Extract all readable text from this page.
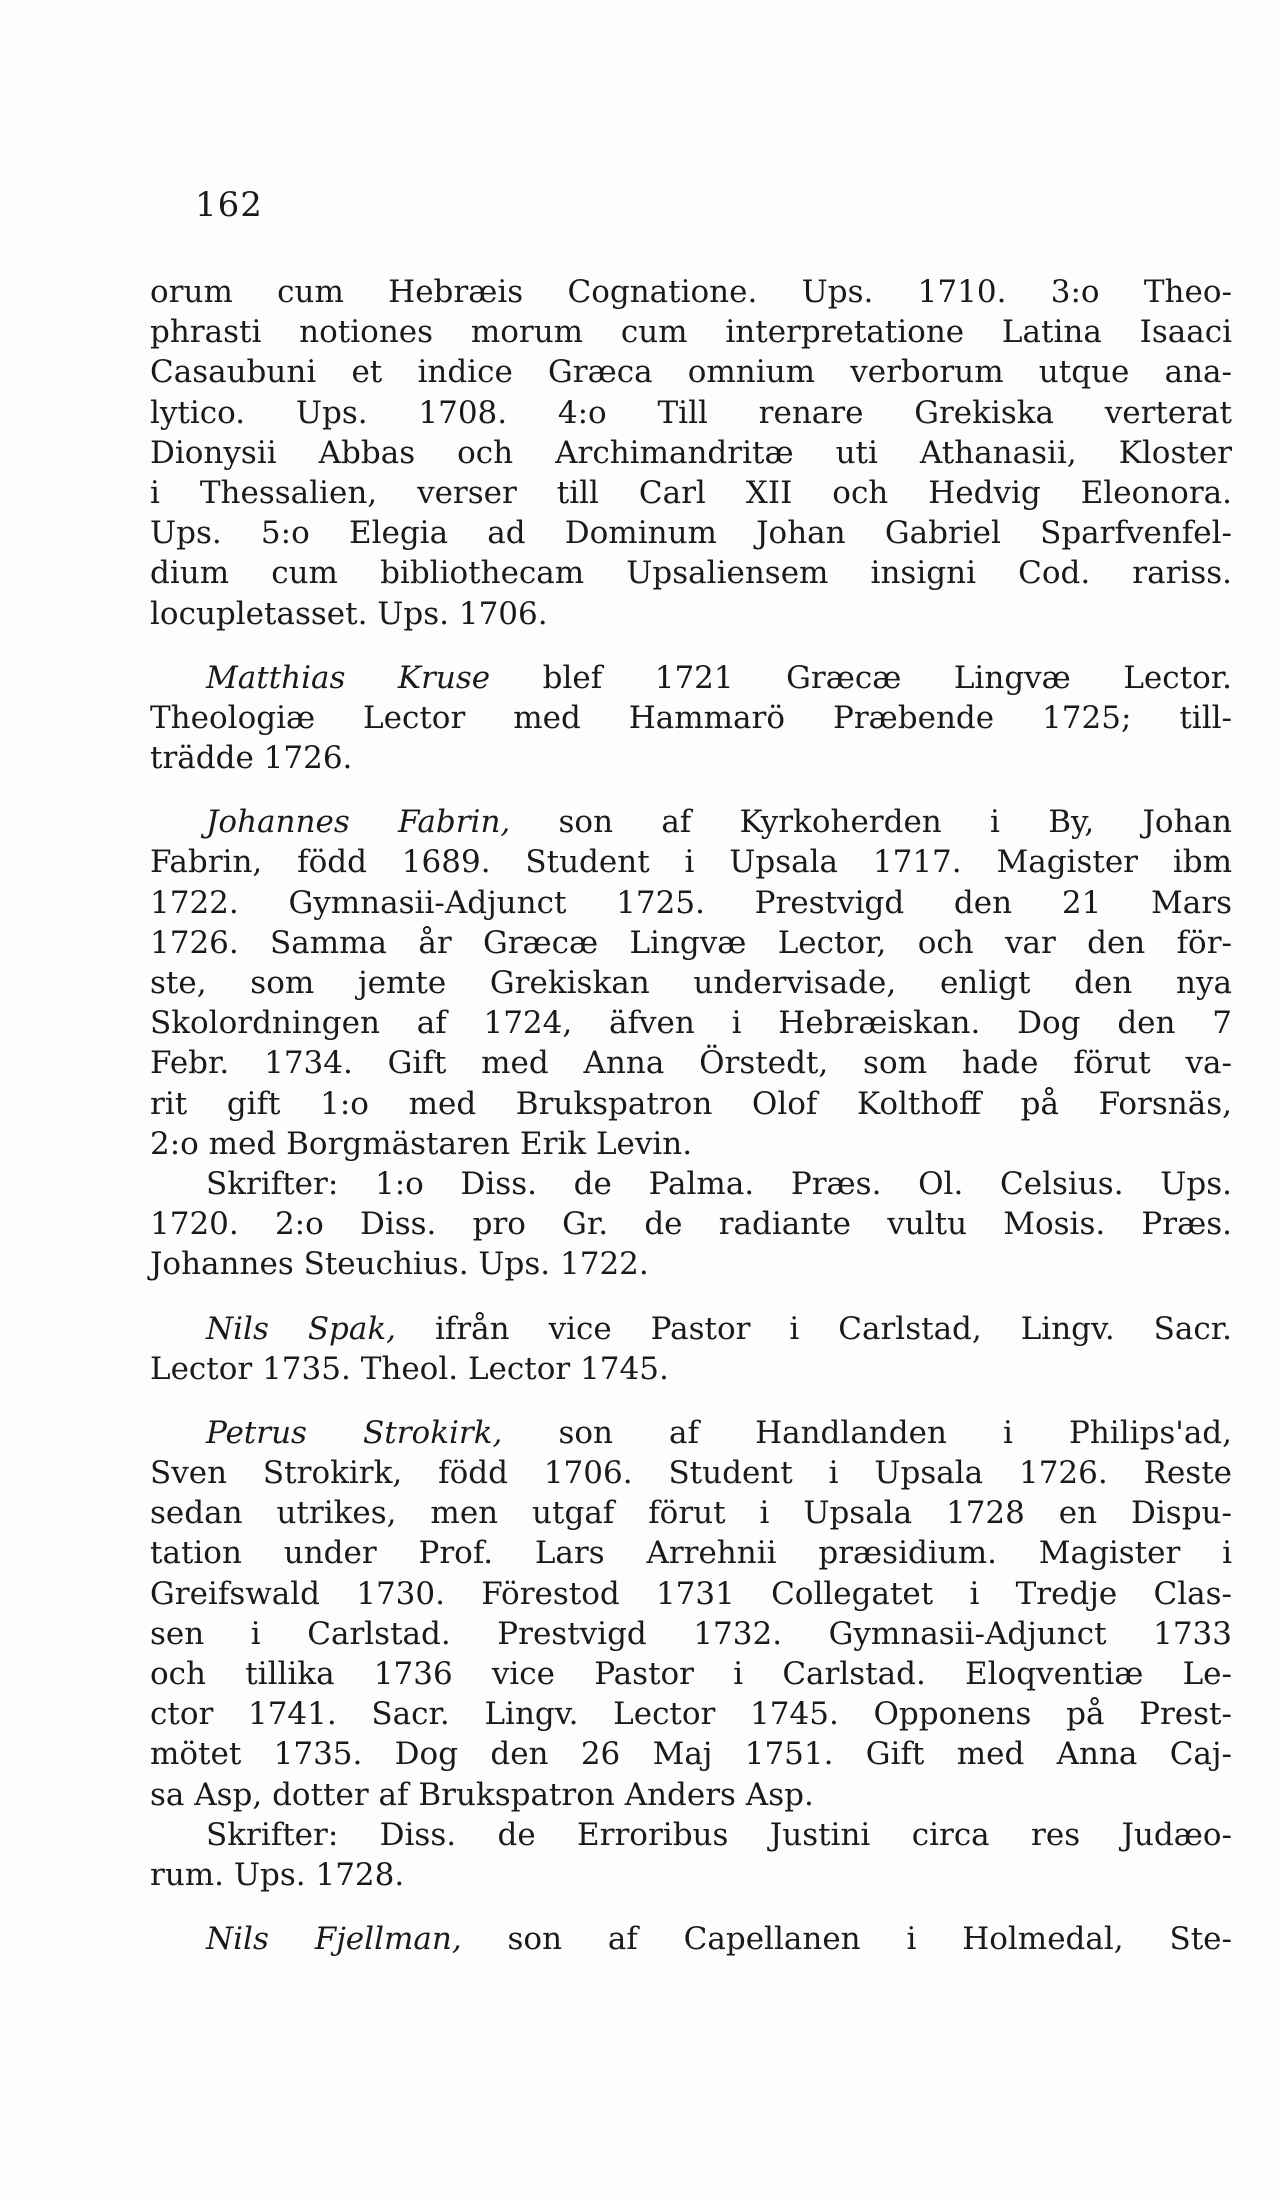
162
orum cum Hebræis Cognatione. Ups. 1710. 3:o Theo-
phrasti notiones morum cum interpretatione Latina Isaaci
Casaubuni et indice Græca omnium verborum utque ana-
lytico. Ups. 1708. 4:o Till renare Grekiska verterat
Dionysii Abbas och Archimandritæ uti Athanasii, Kloster
i Thessalien, verser till Carl XII och Hedvig Eleonora.
Ups. 5:o Elegia ad Dominum Johan Gabriel Sparfvenfel-
dium cum bibliothecam Upsaliensem insigni Cod. rariss.
locupletasset. Ups. 1706.
Matthias Kruse blef 1721 Græcæ Lingvæ Lector.
Theologiæ Lector med Hammarö Præbende 1725; till-
trädde 1726.
Johannes Fabrin, son af Kyrkoherden i By, Johan
Fabrin, född 1689. Student i Upsala 1717. Magister ibm
1722. Gymnasii-Adjunct 1725. Prestvigd den 21 Mars
1726. Samma år Græcæ Lingvæ Lector, och var den för-
ste, som jemte Grekiskan undervisade, enligt den nya
Skolordningen af 1724, äfven i Hebræiskan. Dog den 7
Febr. 1734. Gift med Anna Örstedt, som hade förut va-
rit gift 1:o med Brukspatron Olof Kolthoff på Forsnäs,
2:o med Borgmästaren Erik Levin.
Skrifter: 1:o Diss. de Palma. Præs. Ol. Celsius. Ups.
1720. 2:o Diss. pro Gr. de radiante vultu Mosis. Præs.
Johannes Steuchius. Ups. 1722.
Nils Spak, ifrån vice Pastor i Carlstad, Lingv. Sacr.
Lector 1735. Theol. Lector 1745.
Petrus Strokirk, son af Handlanden i Philips'ad,
Sven Strokirk, född 1706. Student i Upsala 1726. Reste
sedan utrikes, men utgaf förut i Upsala 1728 en Dispu-
tation under Prof. Lars Arrehnii præsidium. Magister i
Greifswald 1730. Förestod 1731 Collegatet i Tredje Clas-
sen i Carlstad. Prestvigd 1732. Gymnasii-Adjunct 1733
och tillika 1736 vice Pastor i Carlstad. Eloqventiæ Le-
ctor 1741. Sacr. Lingv. Lector 1745. Opponens på Prest-
mötet 1735. Dog den 26 Maj 1751. Gift med Anna Caj-
sa Asp, dotter af Brukspatron Anders Asp.
Skrifter: Diss. de Erroribus Justini circa res Judæo-
rum. Ups. 1728.
Nils Fjellman, son af Capellanen i Holmedal, Ste-
